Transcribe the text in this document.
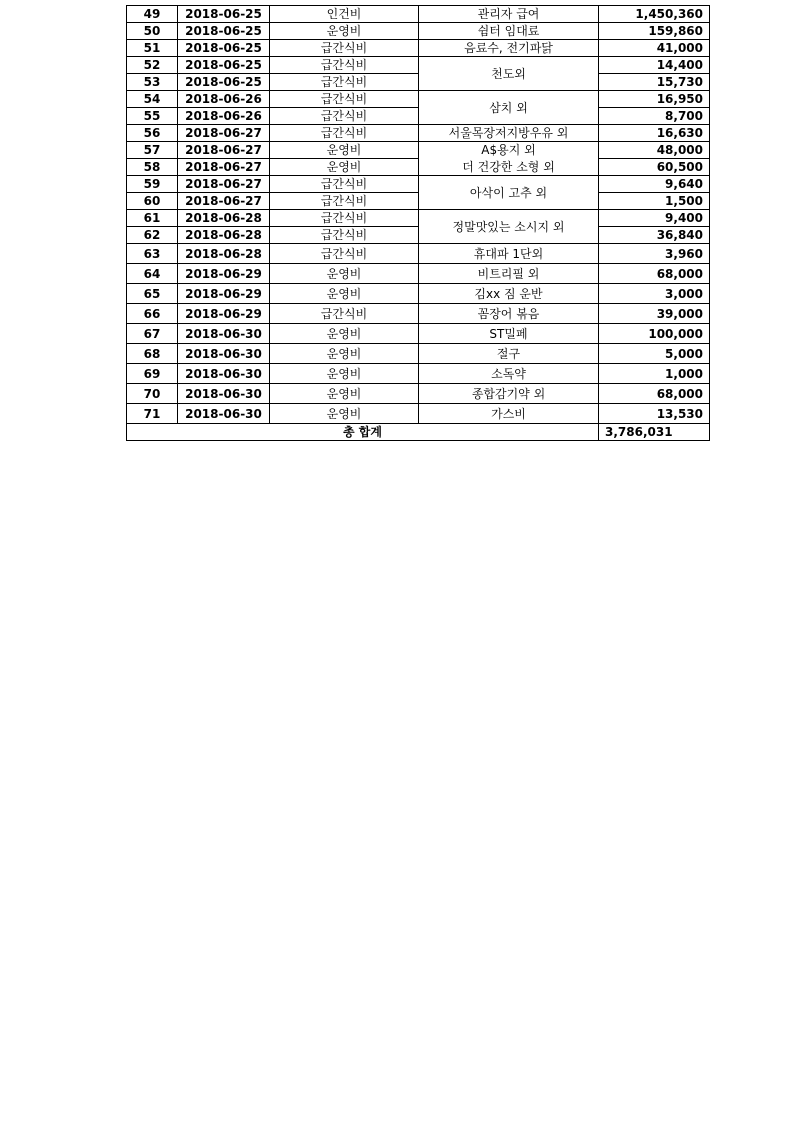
49	2018-06-25	인건비	관리자 급여	1,450,360
50	2018-06-25	운영비	쉼터 임대료	159,860
51	2018-06-25	급간식비	음료수, 전기파닭	41,000
52	2018-06-25	급간식비	천도외	14,400
53	2018-06-25	급간식비		15,730
54	2018-06-26	급간식비	삼치 외	16,950
55	2018-06-26	급간식비		8,700
56	2018-06-27	급간식비	서울목장저지방우유 외	16,630
57	2018-06-27	운영비	A$용지 외	48,000
58	2018-06-27	운영비	더 건강한 소형 외	60,500
59	2018-06-27	급간식비	아삭이 고추 외	9,640
60	2018-06-27	급간식비		1,500
61	2018-06-28	급간식비	정말맛있는 소시지 외	9,400
62	2018-06-28	급간식비		36,840
63	2018-06-28	급간식비	휴대파 1단외	3,960
64	2018-06-29	운영비	비트리필 외	68,000
65	2018-06-29	운영비	김xx 짐 운반	3,000
66	2018-06-29	급간식비	꼼장어 볶음	39,000
67	2018-06-30	운영비	ST밀페	100,000
68	2018-06-30	운영비	절구	5,000
69	2018-06-30	운영비	소독약	1,000
70	2018-06-30	운영비	종합감기약 외	68,000
71	2018-06-30	운영비	가스비	13,530
총 합계				3,786,031
